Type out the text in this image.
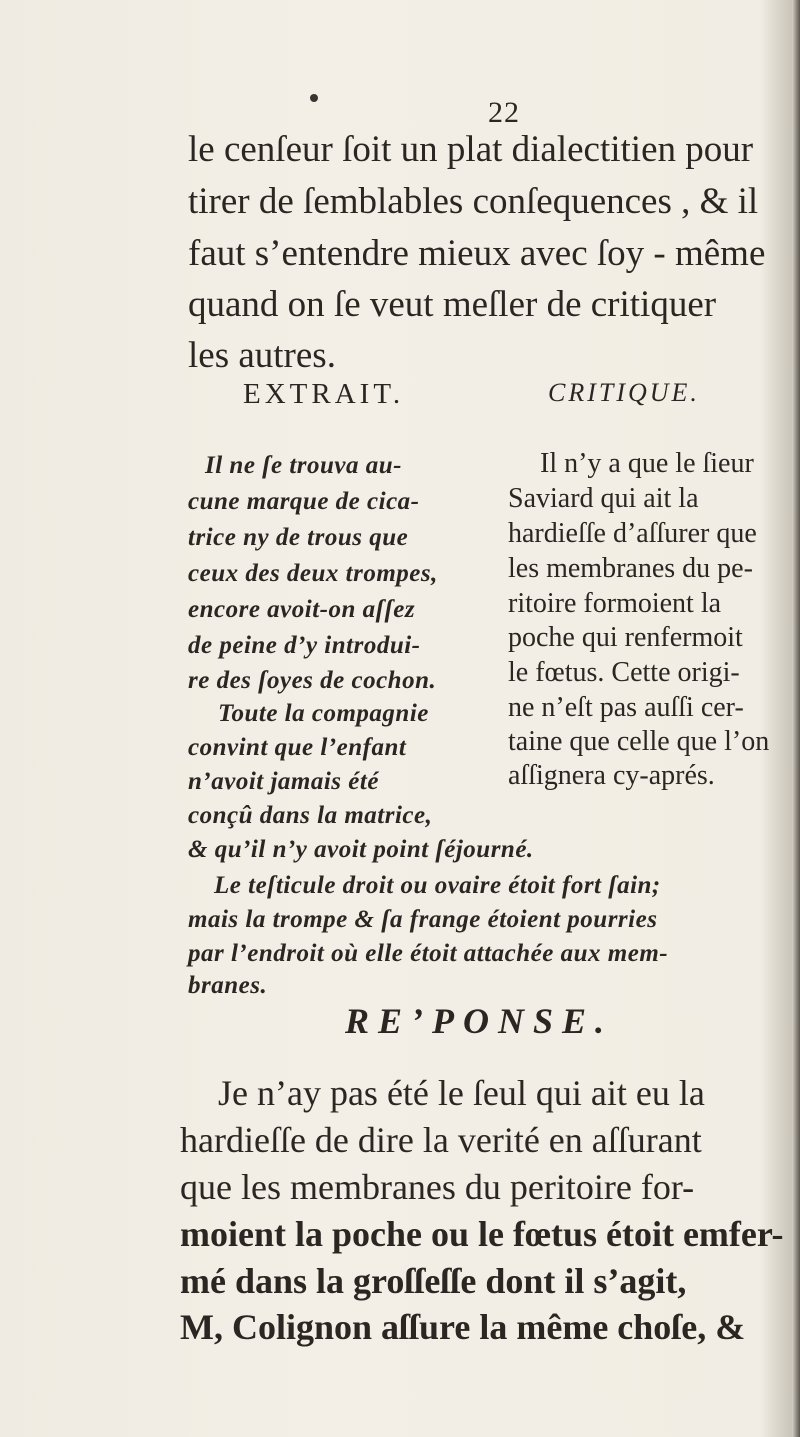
22
le cenſeur ſoit un plat dialectitien pour
tirer de ſemblables conſequences , & il
faut s’entendre mieux avec ſoy - même
quand on ſe veut meſler de critiquer
les autres.
EXTRAIT.	CRITIQUE.
Il ne ſe trouva au-
cune marque de cica-
trice ny de trous que
ceux des deux trompes,
encore avoit-on aſſez
de peine d’y introdui-
re des ſoyes de cochon.
Toute la compagnie
convint que l’enfant
n’avoit jamais été
conçû dans la matrice,
& qu’il n’y avoit point ſéjourné.
Le teſticule droit ou ovaire étoit fort ſain;
mais la trompe & ſa frange étoient pourries
par l’endroit où elle étoit attachée aux mem-
branes.
Il n’y a que le ſieur
Saviard qui ait la
hardieſſe d’aſſurer que
les membranes du pe-
ritoire formoient la
poche qui renfermoit
le fœtus. Cette origi-
ne n’eſt pas auſſi cer-
taine que celle que l’on
aſſignera cy-aprés.
RE’PONSE.
Je n’ay pas été le ſeul qui ait eu la
hardieſſe de dire la verité en aſſurant
que les membranes du peritoire for-
moient la poche ou le fœtus étoit emfer-
mé dans la groſſeſſe dont il s’agit,
M, Colignon aſſure la même choſe, &
